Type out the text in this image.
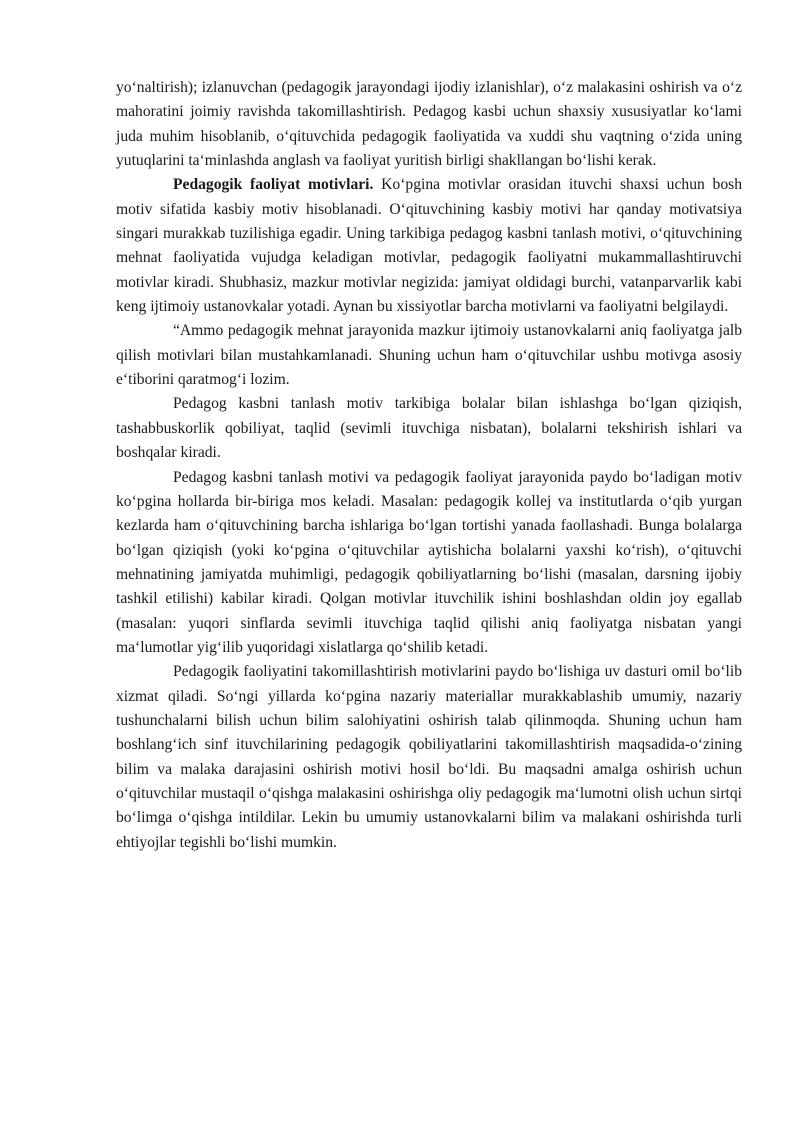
yo‘naltirish); izlanuvchan (pedagogik jarayondagi ijodiy izlanishlar), o‘z malakasini oshirish va o‘z mahoratini joimiy ravishda takomillashtirish. Pedagog kasbi uchun shaxsiy xususiyatlar ko‘lami juda muhim hisoblanib, o‘qituvchida pedagogik faoliyatida va xuddi shu vaqtning o‘zida uning yutuqlarini ta‘minlashda anglash va faoliyat yuritish birligi shakllangan bo‘lishi kerak.

Pedagogik faoliyat motivlari. Ko‘pgina motivlar orasidan ituvchi shaxsi uchun bosh motiv sifatida kasbiy motiv hisoblanadi. O‘qituvchining kasbiy motivi har qanday motivatsiya singari murakkab tuzilishiga egadir. Uning tarkibiga pedagog kasbni tanlash motivi, o‘qituvchining mehnat faoliyatida vujudga keladigan motivlar, pedagogik faoliyatni mukammallashtiruvchi motivlar kiradi. Shubhasiz, mazkur motivlar negizida: jamiyat oldidagi burchi, vatanparvarlik kabi keng ijtimoiy ustanovkalar yotadi. Aynan bu xissiyotlar barcha motivlarni va faoliyatni belgilaydi.

“Ammo pedagogik mehnat jarayonida mazkur ijtimoiy ustanovkalarni aniq faoliyatga jalb qilish motivlari bilan mustahkamlanadi. Shuning uchun ham o‘qituvchilar ushbu motivga asosiy e‘tiborini qaratmog‘i lozim.

Pedagog kasbni tanlash motiv tarkibiga bolalar bilan ishlashga bo‘lgan qiziqish, tashabbuskorlik qobiliyat, taqlid (sevimli ituvchiga nisbatan), bolalarni tekshirish ishlari va boshqalar kiradi.

Pedagog kasbni tanlash motivi va pedagogik faoliyat jarayonida paydo bo‘ladigan motiv ko‘pgina hollarda bir-biriga mos keladi. Masalan: pedagogik kollej va institutlarda o‘qib yurgan kezlarda ham o‘qituvchining barcha ishlariga bo‘lgan tortishi yanada faollashadi. Bunga bolalarga bo‘lgan qiziqish (yoki ko‘pgina o‘qituvchilar aytishicha bolalarni yaxshi ko‘rish), o‘qituvchi mehnatining jamiyatda muhimligi, pedagogik qobiliyatlarning bo‘lishi (masalan, darsning ijobiy tashkil etilishi) kabilar kiradi. Qolgan motivlar ituvchilik ishini boshlashdan oldin joy egallab (masalan: yuqori sinflarda sevimli ituvchiga taqlid qilishi aniq faoliyatga nisbatan yangi ma‘lumotlar yig‘ilib yuqoridagi xislatlarga qo‘shilib ketadi.

Pedagogik faoliyatini takomillashtirish motivlarini paydo bo‘lishiga uv dasturi omil bo‘lib xizmat qiladi. So‘ngi yillarda ko‘pgina nazariy materiallar murakkablashib umumiy, nazariy tushunchalarni bilish uchun bilim salohiyatini oshirish talab qilinmoqda. Shuning uchun ham boshlang‘ich sinf ituvchilarining pedagogik qobiliyatlarini takomillashtirish maqsadida-o‘zining bilim va malaka darajasini oshirish motivi hosil bo‘ldi. Bu maqsadni amalga oshirish uchun o‘qituvchilar mustaqil o‘qishga malakasini oshirishga oliy pedagogik ma‘lumotni olish uchun sirtqi bo‘limga o‘qishga intildilar. Lekin bu umumiy ustanovkalarni bilim va malakani oshirishda turli ehtiyojlar tegishli bo‘lishi mumkin.
